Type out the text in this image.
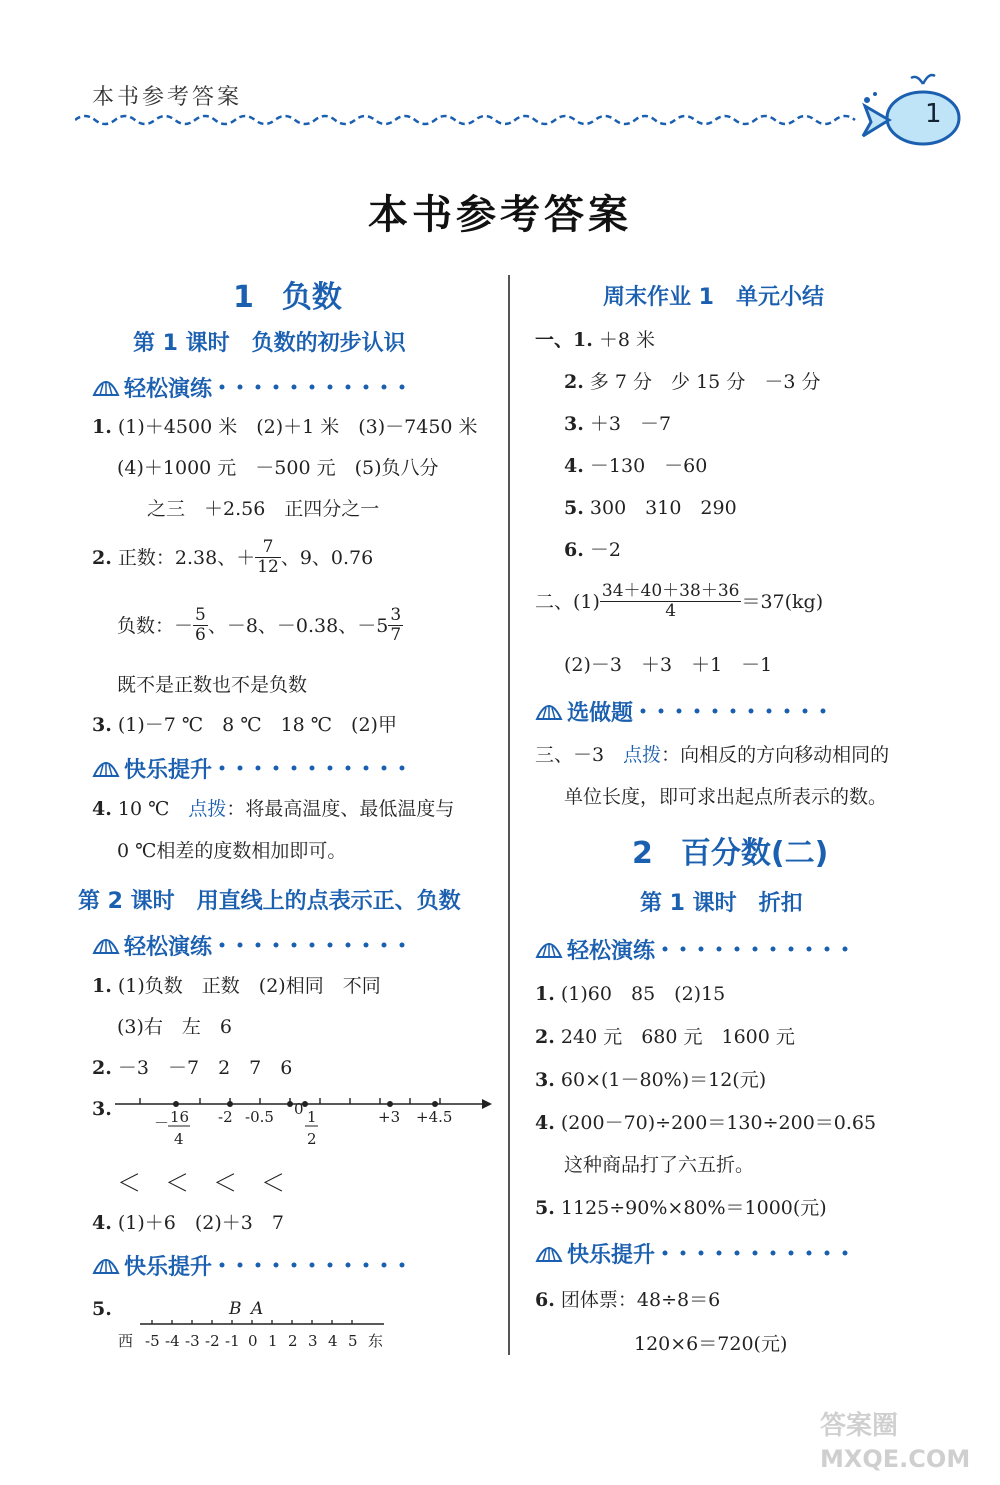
本书参考答案
1
本书参考答案
1 负数
第 1 课时　负数的初步认识
轻松演练
1. (1)＋4500 米　(2)＋1 米　(3)－7450 米
(4)＋1000 元　－500 元　(5)负八分
之三　＋2.56　正四分之一
2.
正数：2.38、＋ $\frac{7}{12}$ 、9、0.76
负数：－ $\frac{5}{6}$ 、－8、－0.38、$-5 \frac{3}{7}$
既不是正数也不是负数
3. (1)－7 ℃　8 ℃　18 ℃　(2)甲
快乐提升
4. 10 ℃　 点拨：将最高温度、最低温度与
0 ℃相差的度数相加即可。
第 2 课时　用直线上的点表示正、负数
轻松演练
1. (1)负数　正数　(2)相同　不同
(3)右　左　6
2. －3　－7　2　7　6
3.
－ 16
4
-2 -0.5 0 1
2
+3 +4.5
＜　＜　＜　＜
4. (1)＋6　(2)＋3　7
快乐提升
5.	B A
西 -5 -4 -3 -2 -1 0 1 2 3 4 5 东
周末作业 1　单元小结
一、1. ＋8 米
2. 多 7 分　少 15 分　－3 分
3. ＋3　－7
4. －130　－60
5. 300　310　290
6. －2
二、$(1) \frac{34+40+38+36}{4} =37(kg)$
(2)－3　＋3　＋1　－1
选做题
三、－3　 点拨：向相反的方向移动相同的
单位长度，即可求出起点所表示的数。
2 百分数(二)
第 1 课时　折扣
轻松演练
1. (1)60　85　(2)15
2. 240 元　680 元　1600 元
3. 60×(1－80%)＝12(元)
4. (200－70)÷200＝130÷200＝0.65
这种商品打了六五折。
5. 1125÷90%×80%＝1000(元)
快乐提升
6. 团体票：48÷8＝6
120×6＝720(元)
答案圈
MXQE.COM
